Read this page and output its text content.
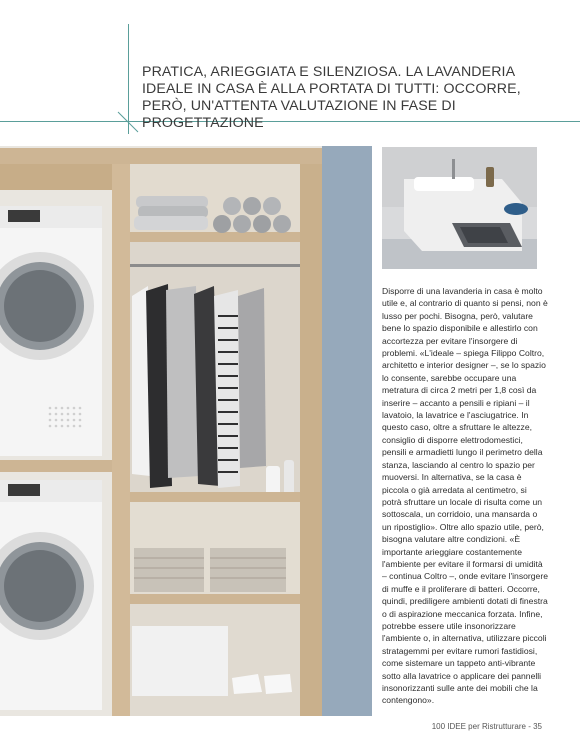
PRATICA, ARIEGGIATA E SILENZIOSA. LA LAVANDERIA IDEALE IN CASA È ALLA PORTATA DI TUTTI: OCCORRE, PERÒ, UN'ATTENTA VALUTAZIONE IN FASE DI PROGETTAZIONE

Disporre di una lavanderia in casa è molto utile e, al contrario di quanto si pensi, non è lusso per pochi. Bisogna, però, valutare bene lo spazio disponibile e allestirlo con accortezza per evitare l'insorgere di problemi. «L'ideale – spiega Filippo Coltro, architetto e interior designer –, se lo spazio lo consente, sarebbe occupare una metratura di circa 2 metri per 1,8 così da inserire – accanto a pensili e ripiani – il lavatoio, la lavatrice e l'asciugatrice. In questo caso, oltre a sfruttare le altezze, consiglio di disporre elettrodomestici, pensili e armadietti lungo il perimetro della stanza, lasciando al centro lo spazio per muoversi. In alternativa, se la casa è piccola o già arredata al centimetro, si potrà sfruttare un locale di risulta come un sottoscala, un corridoio, una mansarda o un ripostiglio». Oltre allo spazio utile, però, bisogna valutare altre condizioni. «È importante arieggiare costantemente l'ambiente per evitare il formarsi di umidità – continua Coltro –, onde evitare l'insorgere di muffe e il proliferare di batteri. Occorre, quindi, prediligere ambienti dotati di finestra o di aspirazione meccanica forzata. Infine, potrebbe essere utile insonorizzare l'ambiente o, in alternativa, utilizzare piccoli stratagemmi per evitare rumori fastidiosi, come sistemare un tappeto anti-vibrante sotto alla lavatrice o applicare dei pannelli insonorizzanti sulle ante dei mobili che la contengono».

100 IDEE per Ristrutturare - 35
